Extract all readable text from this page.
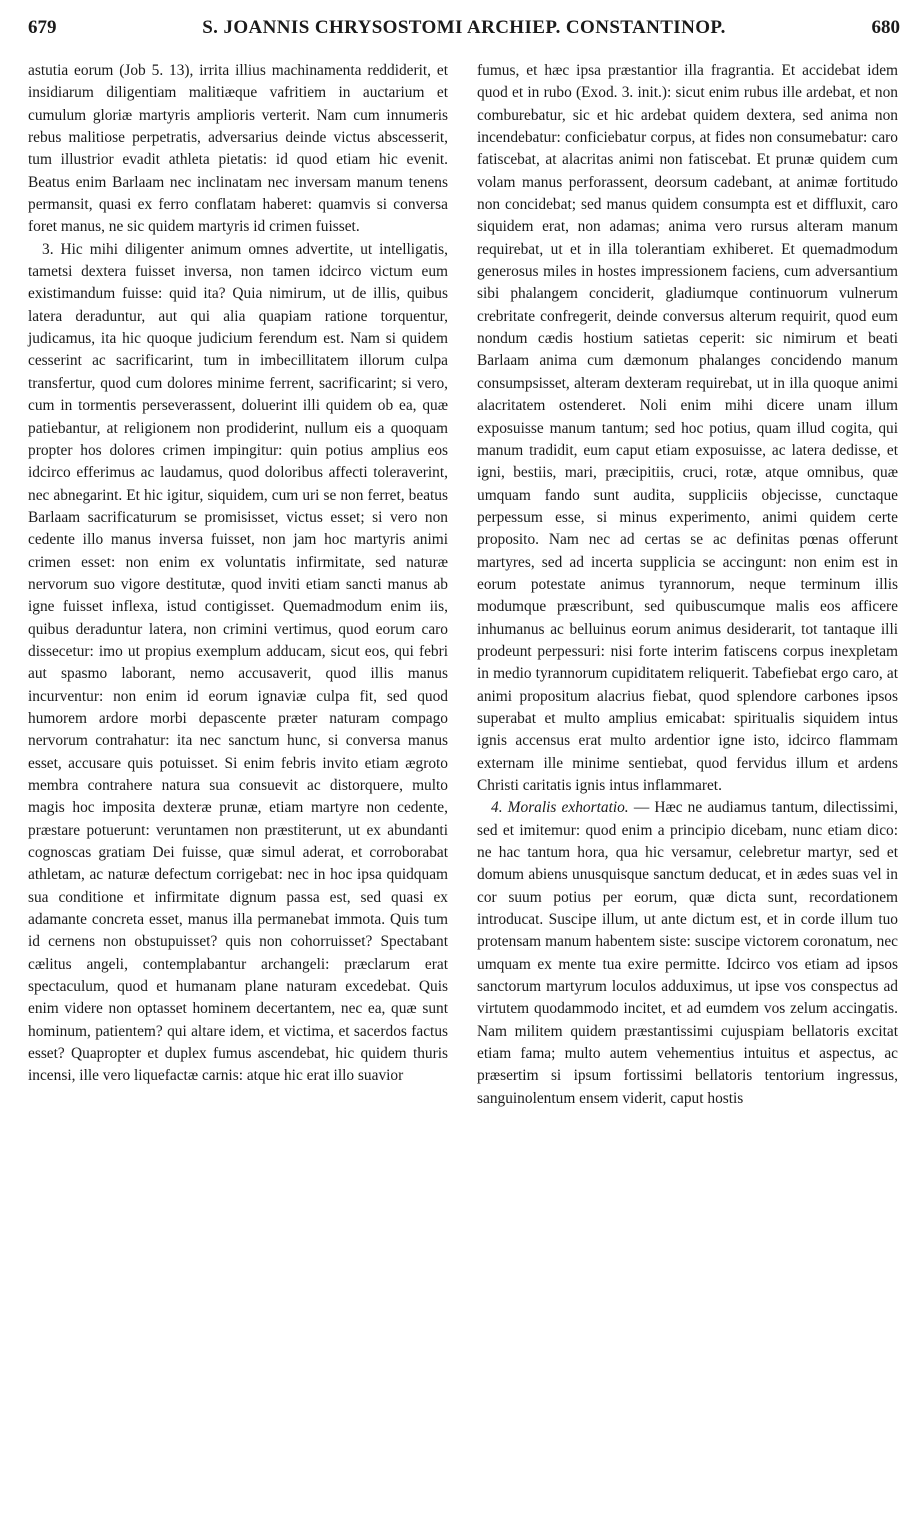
679	S. JOANNIS CHRYSOSTOMI ARCHIEP. CONSTANTINOP.	680

astutia eorum (Job 5. 13), irrita illius machinamenta reddiderit, et insidiarum diligentiam malitiæque vafritiem in auctarium et cumulum gloriæ martyris amplioris verterit. Nam cum innumeris rebus malitiose perpetratis, adversarius deinde victus abscesserit, tum illustrior evadit athleta pietatis: id quod etiam hic evenit. Beatus enim Barlaam nec inclinatam nec inversam manum tenens permansit, quasi ex ferro conflatam haberet: quamvis si conversa foret manus, ne sic quidem martyris id crimen fuisset.

3. Hic mihi diligenter animum omnes advertite, ut intelligatis, tametsi dextera fuisset inversa, non tamen idcirco victum eum existimandum fuisse: quid ita? Quia nimirum, ut de illis, quibus latera deraduntur, aut qui alia quapiam ratione torquentur, judicamus, ita hic quoque judicium ferendum est. Nam si quidem cesserint ac sacrificarint, tum in imbecillitatem illorum culpa transfertur, quod cum dolores minime ferrent, sacrificarint; si vero, cum in tormentis perseverassent, doluerint illi quidem ob ea, quæ patiebantur, at religionem non prodiderint, nullum eis a quoquam propter hos dolores crimen impingitur: quin potius amplius eos idcirco efferimus ac laudamus, quod doloribus affecti toleraverint, nec abnegarint. Et hic igitur, siquidem, cum uri se non ferret, beatus Barlaam sacrificaturum se promisisset, victus esset; si vero non cedente illo manus inversa fuisset, non jam hoc martyris animi crimen esset: non enim ex voluntatis infirmitate, sed naturæ nervorum suo vigore destitutæ, quod inviti etiam sancti manus ab igne fuisset inflexa, istud contigisset. Quemadmodum enim iis, quibus deraduntur latera, non crimini vertimus, quod eorum caro dissecetur: imo ut propius exemplum adducam, sicut eos, qui febri aut spasmo laborant, nemo accusaverit, quod illis manus incurventur: non enim id eorum ignaviæ culpa fit, sed quod humorem ardore morbi depascente præter naturam compago nervorum contrahatur: ita nec sanctum hunc, si conversa manus esset, accusare quis potuisset. Si enim febris invito etiam ægroto membra contrahere natura sua consuevit ac distorquere, multo magis hoc imposita dexteræ prunæ, etiam martyre non cedente, præstare potuerunt: veruntamen non præstiterunt, ut ex abundanti cognoscas gratiam Dei fuisse, quæ simul aderat, et corroborabat athletam, ac naturæ defectum corrigebat: nec in hoc ipsa quidquam sua conditione et infirmitate dignum passa est, sed quasi ex adamante concreta esset, manus illa permanebat immota. Quis tum id cernens non obstupuisset? quis non cohorruisset? Spectabant cælitus angeli, contemplabantur archangeli: præclarum erat spectaculum, quod et humanam plane naturam excedebat. Quis enim videre non optasset hominem decertantem, nec ea, quæ sunt hominum, patientem? qui altare idem, et victima, et sacerdos factus esset? Quapropter et duplex fumus ascendebat, hic quidem thuris incensi, ille vero liquefactæ carnis: atque hic erat illo suavior

fumus, et hæc ipsa præstantior illa fragrantia. Et accidebat idem quod et in rubo (Exod. 3. init.): sicut enim rubus ille ardebat, et non comburebatur, sic et hic ardebat quidem dextera, sed anima non incendebatur: conficiebatur corpus, at fides non consumebatur: caro fatiscebat, at alacritas animi non fatiscebat. Et prunæ quidem cum volam manus perforassent, deorsum cadebant, at animæ fortitudo non concidebat; sed manus quidem consumpta est et diffluxit, caro siquidem erat, non adamas; anima vero rursus alteram manum requirebat, ut et in illa tolerantiam exhiberet. Et quemadmodum generosus miles in hostes impressionem faciens, cum adversantium sibi phalangem conciderit, gladiumque continuorum vulnerum crebritate confregerit, deinde conversus alterum requirit, quod eum nondum cædis hostium satietas ceperit: sic nimirum et beati Barlaam anima cum dæmonum phalanges concidendo manum consumpsisset, alteram dexteram requirebat, ut in illa quoque animi alacritatem ostenderet. Noli enim mihi dicere unam illum exposuisse manum tantum; sed hoc potius, quam illud cogita, qui manum tradidit, eum caput etiam exposuisse, ac latera dedisse, et igni, bestiis, mari, præcipitiis, cruci, rotæ, atque omnibus, quæ umquam fando sunt audita, suppliciis objecisse, cunctaque perpessum esse, si minus experimento, animi quidem certe proposito. Nam nec ad certas se ac definitas pœnas offerunt martyres, sed ad incerta supplicia se accingunt: non enim est in eorum potestate animus tyrannorum, neque terminum illis modumque præscribunt, sed quibuscumque malis eos afficere inhumanus ac belluinus eorum animus desiderarit, tot tantaque illi prodeunt perpessuri: nisi forte interim fatiscens corpus inexpletam in medio tyrannorum cupiditatem reliquerit. Tabefiebat ergo caro, at animi propositum alacrius fiebat, quod splendore carbones ipsos superabat et multo amplius emicabat: spiritualis siquidem intus ignis accensus erat multo ardentior igne isto, idcirco flammam externam ille minime sentiebat, quod fervidus illum et ardens Christi caritatis ignis intus inflammaret.

4. Moralis exhortatio. — Hæc ne audiamus tantum, dilectissimi, sed et imitemur: quod enim a principio dicebam, nunc etiam dico: ne hac tantum hora, qua hic versamur, celebretur martyr, sed et domum abiens unusquisque sanctum deducat, et in ædes suas vel in cor suum potius per eorum, quæ dicta sunt, recordationem introducat. Suscipe illum, ut ante dictum est, et in corde illum tuo protensam manum habentem siste: suscipe victorem coronatum, nec umquam ex mente tua exire permitte. Idcirco vos etiam ad ipsos sanctorum martyrum loculos adduximus, ut ipse vos conspectus ad virtutem quodammodo incitet, et ad eumdem vos zelum accingatis. Nam militem quidem præstantissimi cujuspiam bellatoris excitat etiam fama; multo autem vehementius intuitus et aspectus, ac præsertim si ipsum fortissimi bellatoris tentorium ingressus, sanguinolentum ensem viderit, caput hostis
